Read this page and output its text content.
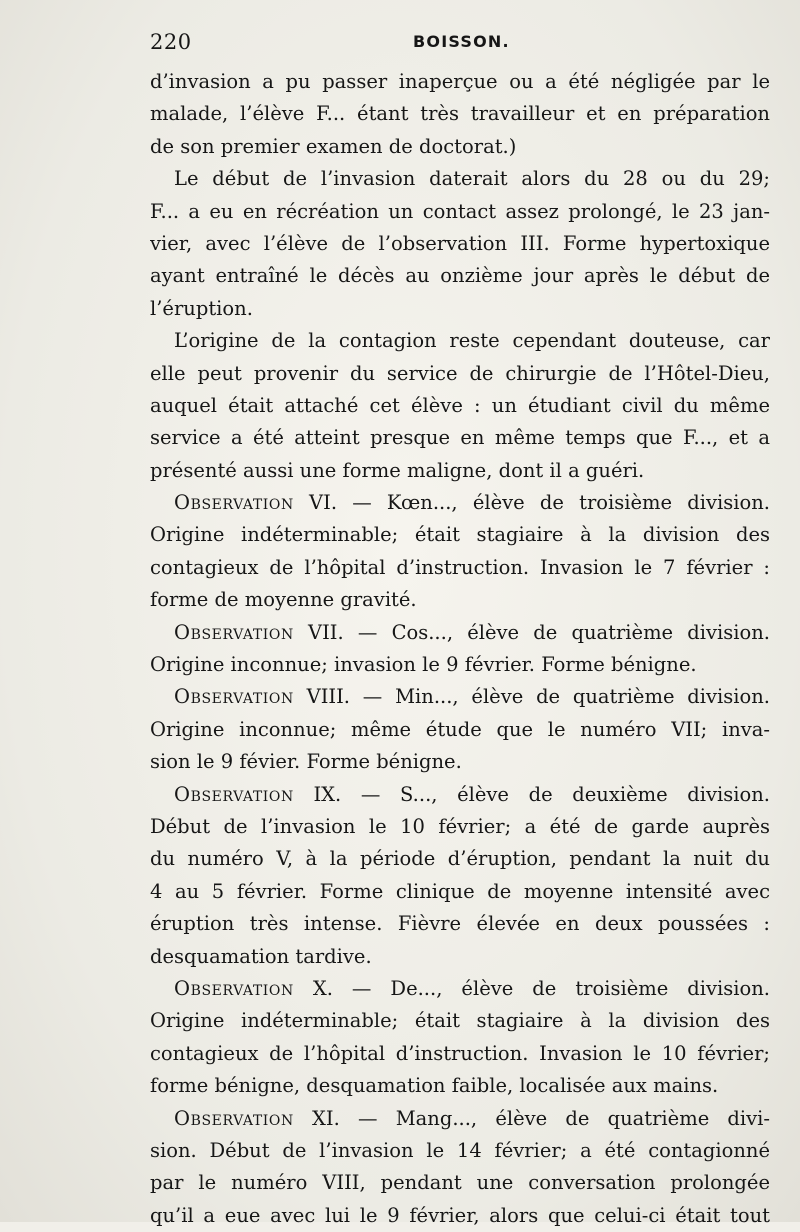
220	BOISSON.
d’invasion a pu passer inaperçue ou a été négligée par le
malade, l’élève F... étant très travailleur et en préparation
de son premier examen de doctorat.)
Le début de l’invasion daterait alors du 28 ou du 29;
F... a eu en récréation un contact assez prolongé, le 23 jan-
vier, avec l’élève de l’observation III. Forme hypertoxique
ayant entraîné le décès au onzième jour après le début de
l’éruption.
L’origine de la contagion reste cependant douteuse, car
elle peut provenir du service de chirurgie de l’Hôtel-Dieu,
auquel était attaché cet élève : un étudiant civil du même
service a été atteint presque en même temps que F..., et a
présenté aussi une forme maligne, dont il a guéri.
Observation VI. — Kœn..., élève de troisième division.
Origine indéterminable; était stagiaire à la division des
contagieux de l’hôpital d’instruction. Invasion le 7 février :
forme de moyenne gravité.
Observation VII. — Cos..., élève de quatrième division.
Origine inconnue; invasion le 9 février. Forme bénigne.
Observation VIII. — Min..., élève de quatrième division.
Origine inconnue; même étude que le numéro VII; inva-
sion le 9 févier. Forme bénigne.
Observation IX. — S..., élève de deuxième division.
Début de l’invasion le 10 février; a été de garde auprès
du numéro V, à la période d’éruption, pendant la nuit du
4 au 5 février. Forme clinique de moyenne intensité avec
éruption très intense. Fièvre élevée en deux poussées :
desquamation tardive.
Observation X. — De..., élève de troisième division.
Origine indéterminable; était stagiaire à la division des
contagieux de l’hôpital d’instruction. Invasion le 10 février;
forme bénigne, desquamation faible, localisée aux mains.
Observation XI. — Mang..., élève de quatrième divi-
sion. Début de l’invasion le 14 février; a été contagionné
par le numéro VIII, pendant une conversation prolongée
qu’il a eue avec lui le 9 février, alors que celui-ci était tout
